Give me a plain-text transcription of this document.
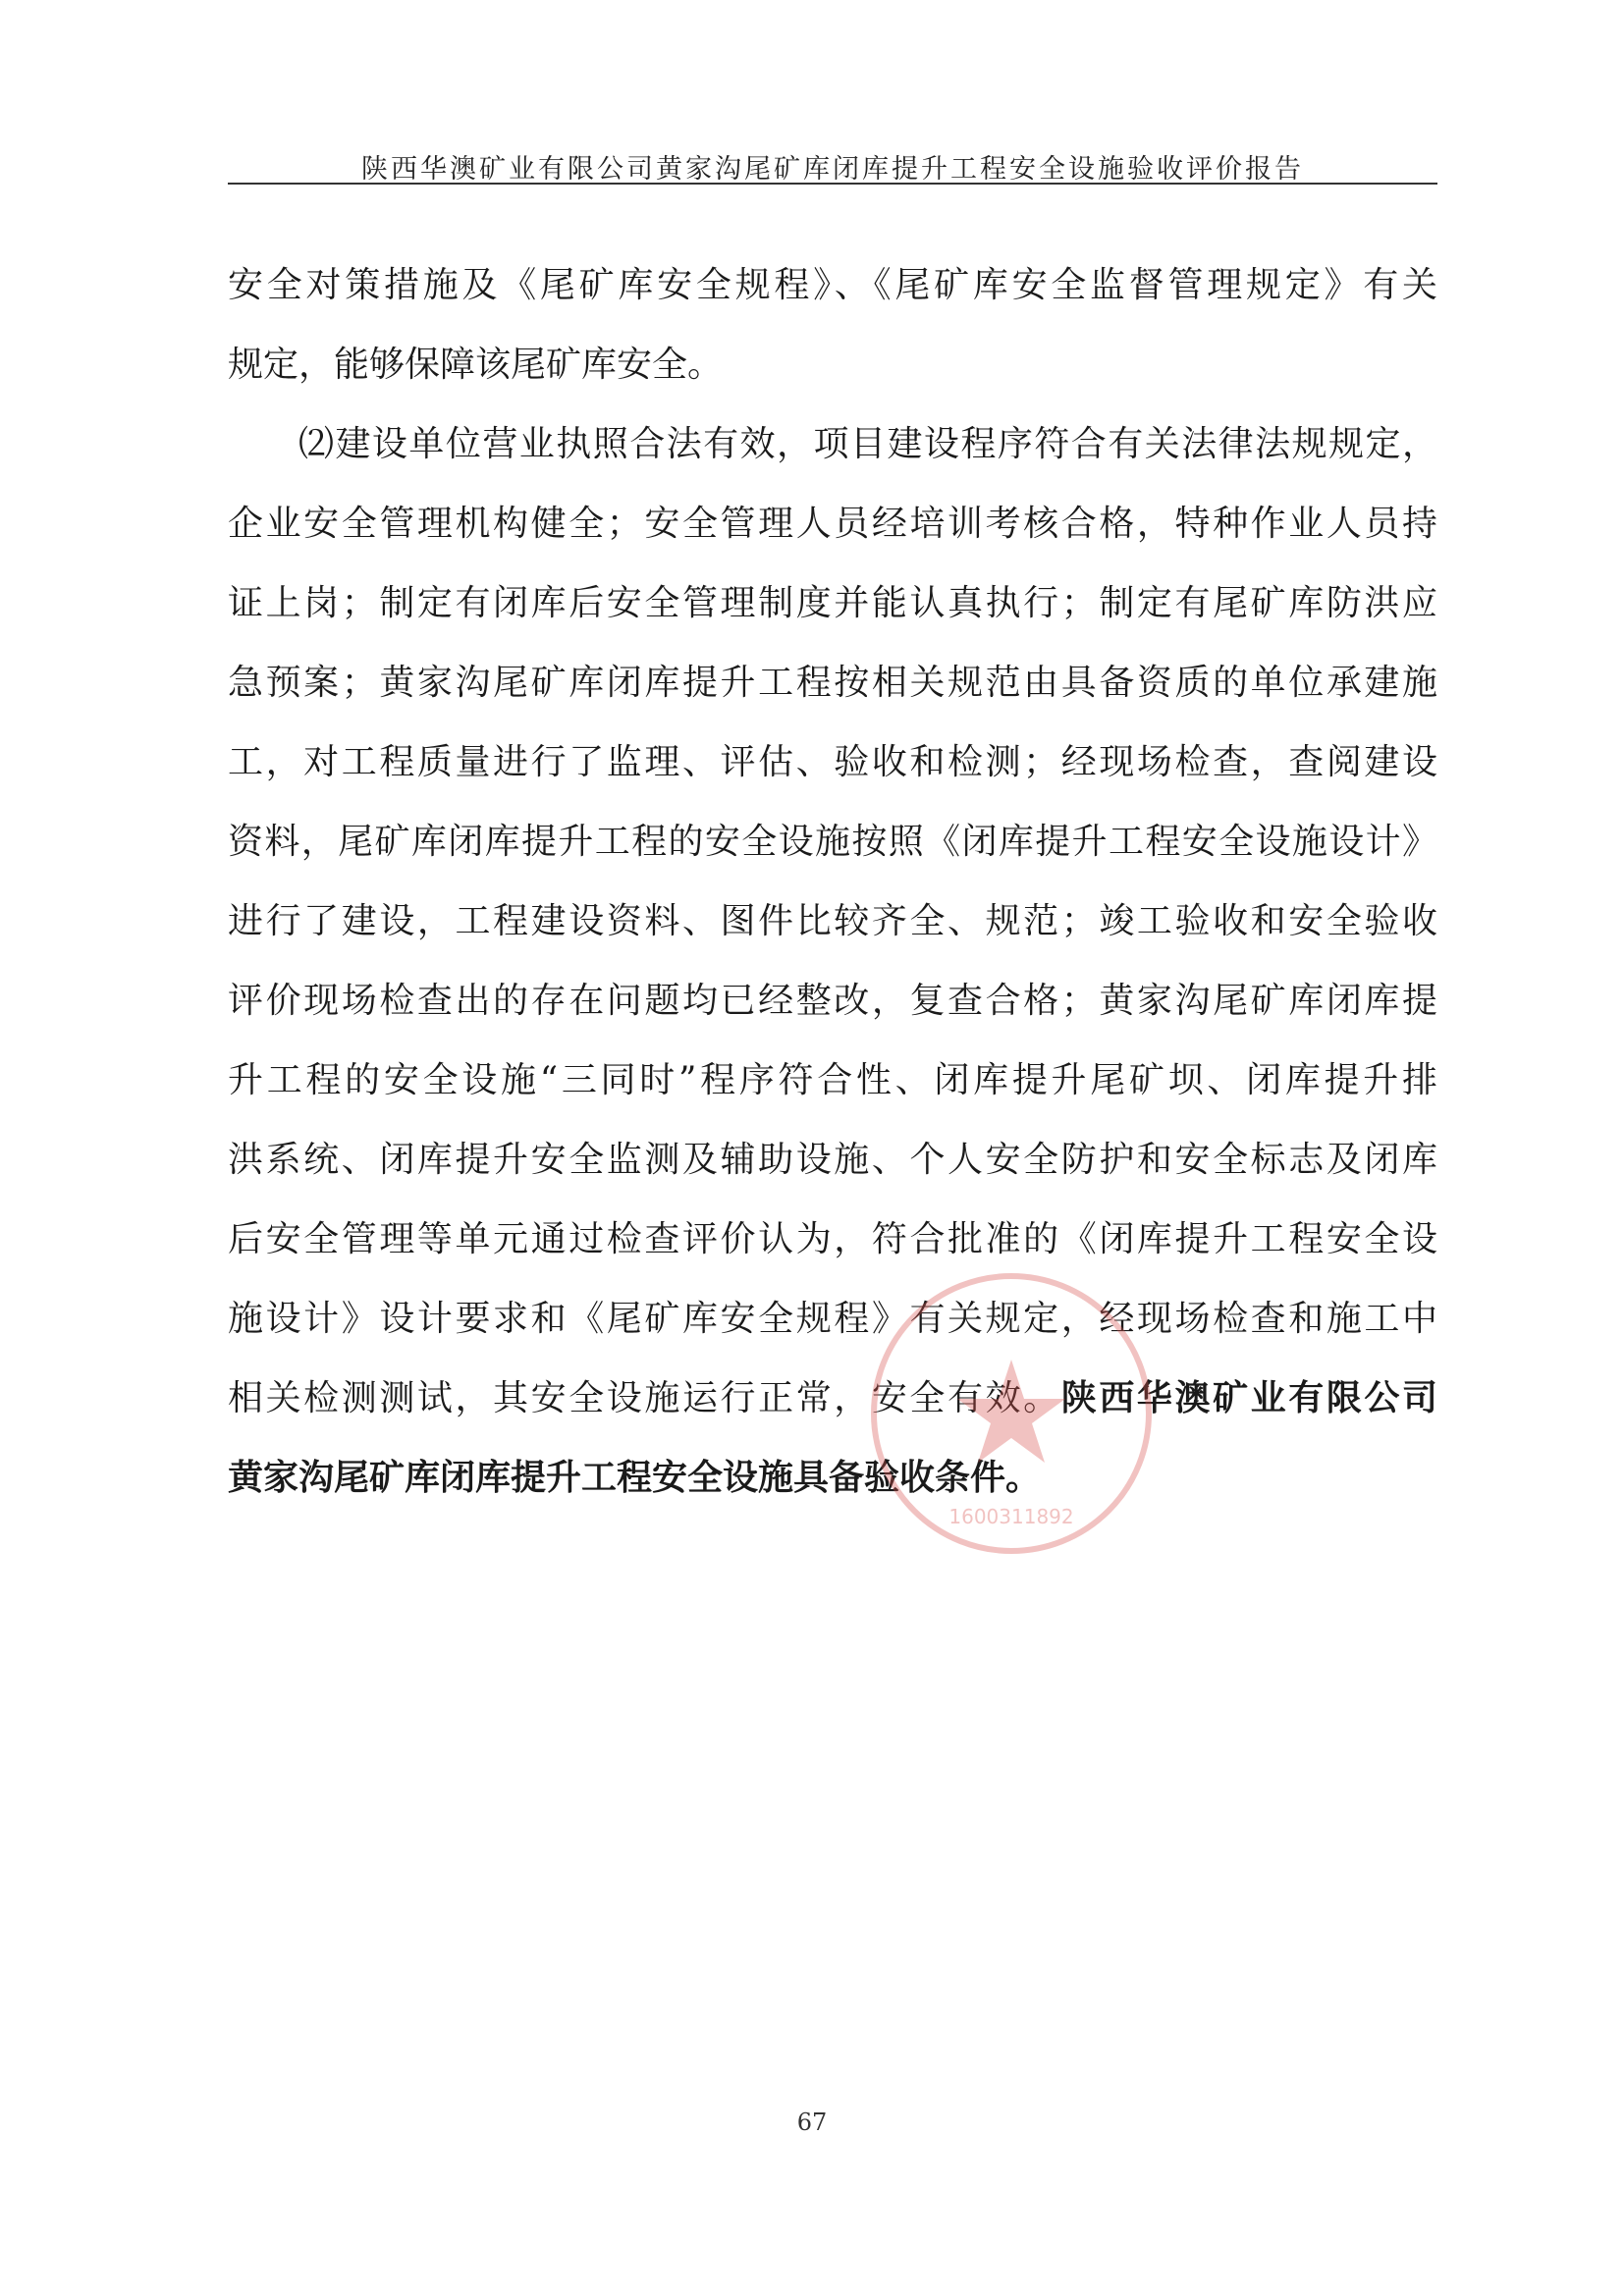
陕西华澳矿业有限公司黄家沟尾矿库闭库提升工程安全设施验收评价报告
安全对策措施及《尾矿库安全规程》、《尾矿库安全监督管理规定》有关
规定，能够保障该尾矿库安全。
⑵建设单位营业执照合法有效，项目建设程序符合有关法律法规规定，
企业安全管理机构健全；安全管理人员经培训考核合格，特种作业人员持
证上岗；制定有闭库后安全管理制度并能认真执行；制定有尾矿库防洪应
急预案；黄家沟尾矿库闭库提升工程按相关规范由具备资质的单位承建施
工，对工程质量进行了监理、评估、验收和检测；经现场检查，查阅建设
资料，尾矿库闭库提升工程的安全设施按照《闭库提升工程安全设施设计》
进行了建设，工程建设资料、图件比较齐全、规范；竣工验收和安全验收
评价现场检查出的存在问题均已经整改，复查合格；黄家沟尾矿库闭库提
升工程的安全设施“三同时”程序符合性、闭库提升尾矿坝、闭库提升排
洪系统、闭库提升安全监测及辅助设施、个人安全防护和安全标志及闭库
后安全管理等单元通过检查评价认为，符合批准的《闭库提升工程安全设
施设计》设计要求和《尾矿库安全规程》有关规定，经现场检查和施工中
相关检测测试，其安全设施运行正常，安全有效。陕西华澳矿业有限公司
黄家沟尾矿库闭库提升工程安全设施具备验收条件。
1600311892
67
